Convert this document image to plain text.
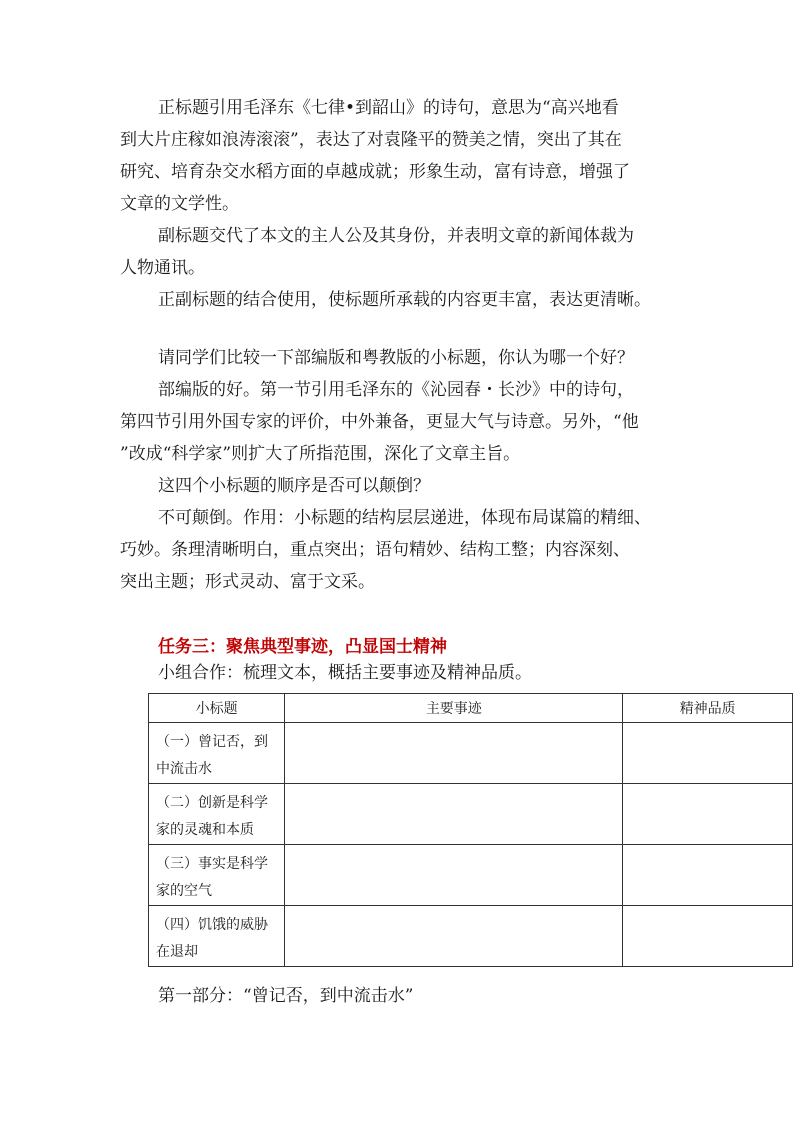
正标题引用毛泽东《七律•到韶山》的诗句，意思为“高兴地看
到大片庄稼如浪涛滚滚”，表达了对袁隆平的赞美之情，突出了其在
研究、培育杂交水稻方面的卓越成就；形象生动，富有诗意，增强了
文章的文学性。
副标题交代了本文的主人公及其身份，并表明文章的新闻体裁为
人物通讯。
正副标题的结合使用，使标题所承载的内容更丰富，表达更清晰。
请同学们比较一下部编版和粤教版的小标题，你认为哪一个好？
部编版的好。第一节引用毛泽东的《沁园春・长沙》中的诗句，
第四节引用外国专家的评价，中外兼备，更显大气与诗意。另外，“他
”改成“科学家”则扩大了所指范围，深化了文章主旨。
这四个小标题的顺序是否可以颠倒？
不可颠倒。作用：小标题的结构层层递进，体现布局谋篇的精细、
巧妙。条理清晰明白，重点突出；语句精妙、结构工整；内容深刻、
突出主题；形式灵动、富于文采。
任务三：聚焦典型事迹，凸显国士精神
小组合作：梳理文本，概括主要事迹及精神品质。
小标题	主要事迹	精神品质

（一）曾记否，到
中流击水		

（二）创新是科学
家的灵魂和本质		

（三）事实是科学
家的空气		

（四）饥饿的威胁
在退却		

第一部分：“曾记否，到中流击水”
